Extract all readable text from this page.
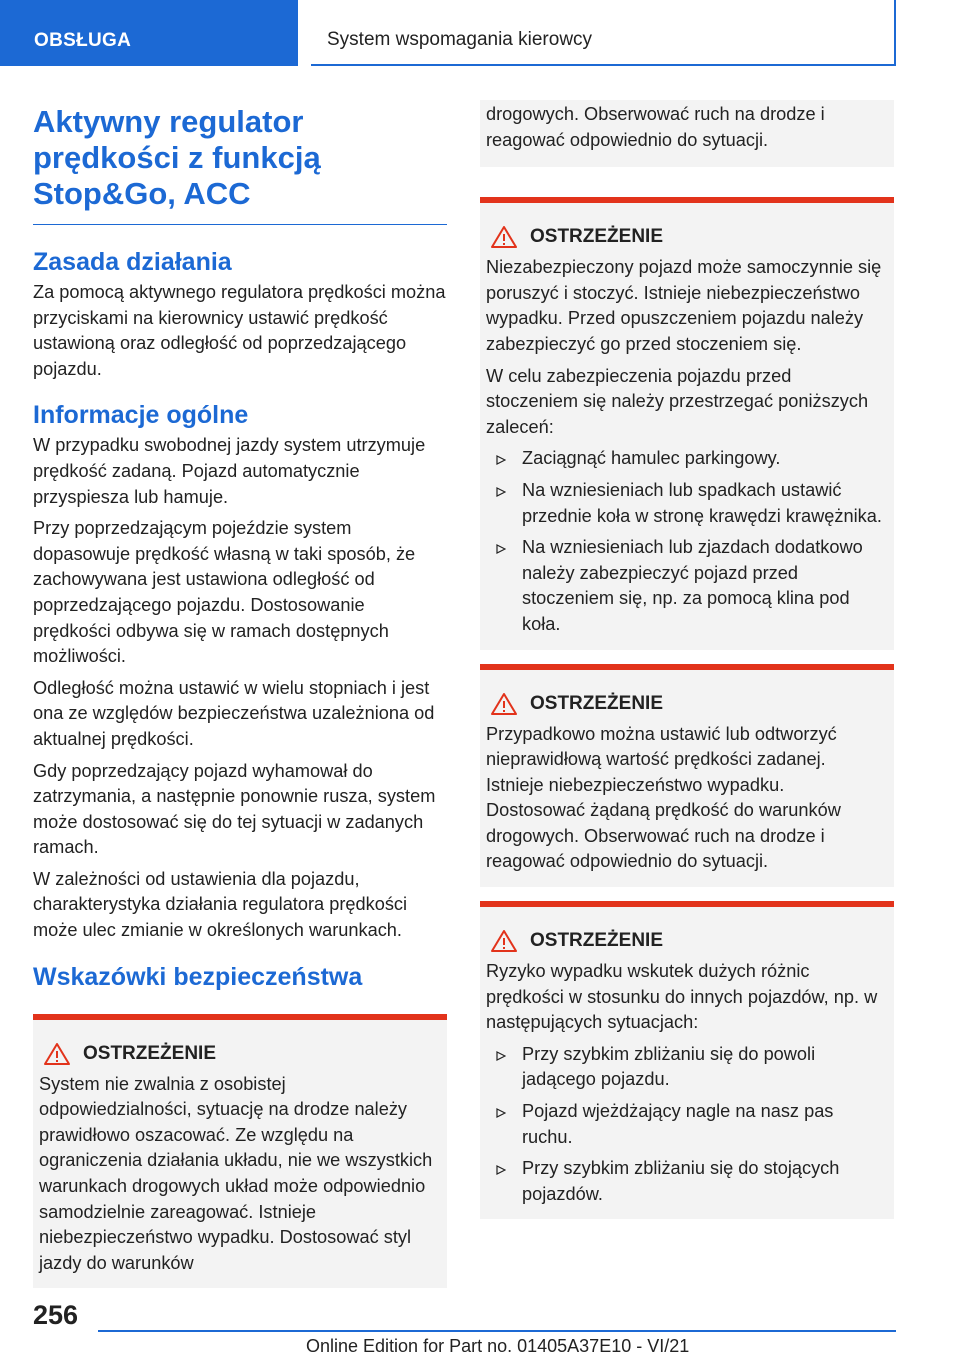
OBSŁUGA	System wspomagania kierowcy
Aktywny regulator prędkości z funkcją Stop&Go, ACC
Zasada działania

Za pomocą aktywnego regulatora prędkości można przyciskami na kierownicy ustawić prędkość ustawioną oraz odległość od poprzedzającego pojazdu.

Informacje ogólne

W przypadku swobodnej jazdy system utrzymuje prędkość zadaną. Pojazd automatycznie przyspiesza lub hamuje.

Przy poprzedzającym pojeździe system dopasowuje prędkość własną w taki sposób, że zachowywana jest ustawiona odległość od poprzedzającego pojazdu. Dostosowanie prędkości odbywa się w ramach dostępnych możliwości.

Odległość można ustawić w wielu stopniach i jest ona ze względów bezpieczeństwa uzależniona od aktualnej prędkości.

Gdy poprzedzający pojazd wyhamował do zatrzymania, a następnie ponownie rusza, system może dostosować się do tej sytuacji w zadanych ramach.

W zależności od ustawienia dla pojazdu, charakterystyka działania regulatora prędkości może ulec zmianie w określonych warunkach.

Wskazówki bezpieczeństwa
OSTRZEŻENIE

System nie zwalnia z osobistej odpowiedzialności, sytuację na drodze należy prawidłowo oszacować. Ze względu na ograniczenia działania układu, nie we wszystkich warunkach drogowych układ może odpowiednio samodzielnie zareagować. Istnieje niebezpieczeństwo wypadku. Dostosować styl jazdy do warunków

drogowych. Obserwować ruch na drodze i reagować odpowiednio do sytuacji.

OSTRZEŻENIE

Niezabezpieczony pojazd może samoczynnie się poruszyć i stoczyć. Istnieje niebezpieczeństwo wypadku. Przed opuszczeniem pojazdu należy zabezpieczyć go przed stoczeniem się.

W celu zabezpieczenia pojazdu przed stoczeniem się należy przestrzegać poniższych zaleceń:

Zaciągnąć hamulec parkingowy.
Na wzniesieniach lub spadkach ustawić przednie koła w stronę krawędzi krawężnika.
Na wzniesieniach lub zjazdach dodatkowo należy zabezpieczyć pojazd przed stoczeniem się, np. za pomocą klina pod koła.
OSTRZEŻENIE

Przypadkowo można ustawić lub odtworzyć nieprawidłową wartość prędkości zadanej. Istnieje niebezpieczeństwo wypadku. Dostosować żądaną prędkość do warunków drogowych. Obserwować ruch na drodze i reagować odpowiednio do sytuacji.

OSTRZEŻENIE

Ryzyko wypadku wskutek dużych różnic prędkości w stosunku do innych pojazdów, np. w następujących sytuacjach:

Przy szybkim zbliżaniu się do powoli jadącego pojazdu.
Pojazd wjeżdżający nagle na nasz pas ruchu.
Przy szybkim zbliżaniu się do stojących pojazdów.
256
Online Edition for Part no. 01405A37E10 - VI/21
